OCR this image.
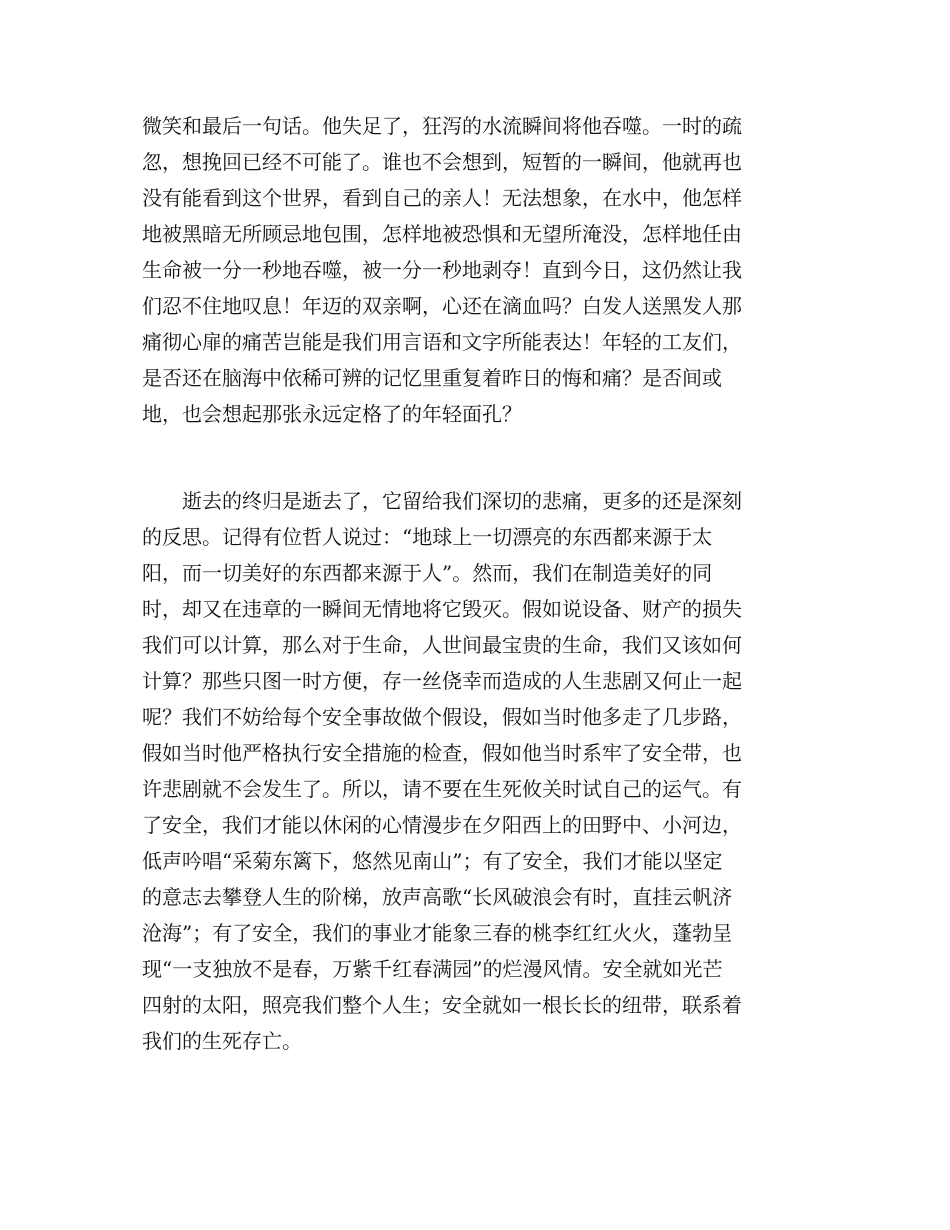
微笑和最后一句话。他失足了，狂泻的水流瞬间将他吞噬。一时的疏
忽，想挽回已经不可能了。谁也不会想到，短暂的一瞬间，他就再也
没有能看到这个世界，看到自己的亲人！无法想象，在水中，他怎样
地被黑暗无所顾忌地包围，怎样地被恐惧和无望所淹没，怎样地任由
生命被一分一秒地吞噬，被一分一秒地剥夺！直到今日，这仍然让我
们忍不住地叹息！年迈的双亲啊，心还在滴血吗？白发人送黑发人那
痛彻心扉的痛苦岂能是我们用言语和文字所能表达！年轻的工友们，
是否还在脑海中依稀可辨的记忆里重复着昨日的悔和痛？是否间或
地，也会想起那张永远定格了的年轻面孔？
　　逝去的终归是逝去了，它留给我们深切的悲痛，更多的还是深刻
的反思。记得有位哲人说过：“地球上一切漂亮的东西都来源于太
阳，而一切美好的东西都来源于人”。然而，我们在制造美好的同
时，却又在违章的一瞬间无情地将它毁灭。假如说设备、财产的损失
我们可以计算，那么对于生命，人世间最宝贵的生命，我们又该如何
计算？那些只图一时方便，存一丝侥幸而造成的人生悲剧又何止一起
呢？我们不妨给每个安全事故做个假设，假如当时他多走了几步路，
假如当时他严格执行安全措施的检查，假如他当时系牢了安全带，也
许悲剧就不会发生了。所以，请不要在生死攸关时试自己的运气。有
了安全，我们才能以休闲的心情漫步在夕阳西上的田野中、小河边，
低声吟唱“采菊东篱下，悠然见南山”；有了安全，我们才能以坚定
的意志去攀登人生的阶梯，放声高歌“长风破浪会有时，直挂云帆济
沧海”；有了安全，我们的事业才能象三春的桃李红红火火，蓬勃呈
现“一支独放不是春，万紫千红春满园”的烂漫风情。安全就如光芒
四射的太阳，照亮我们整个人生；安全就如一根长长的纽带，联系着
我们的生死存亡。
